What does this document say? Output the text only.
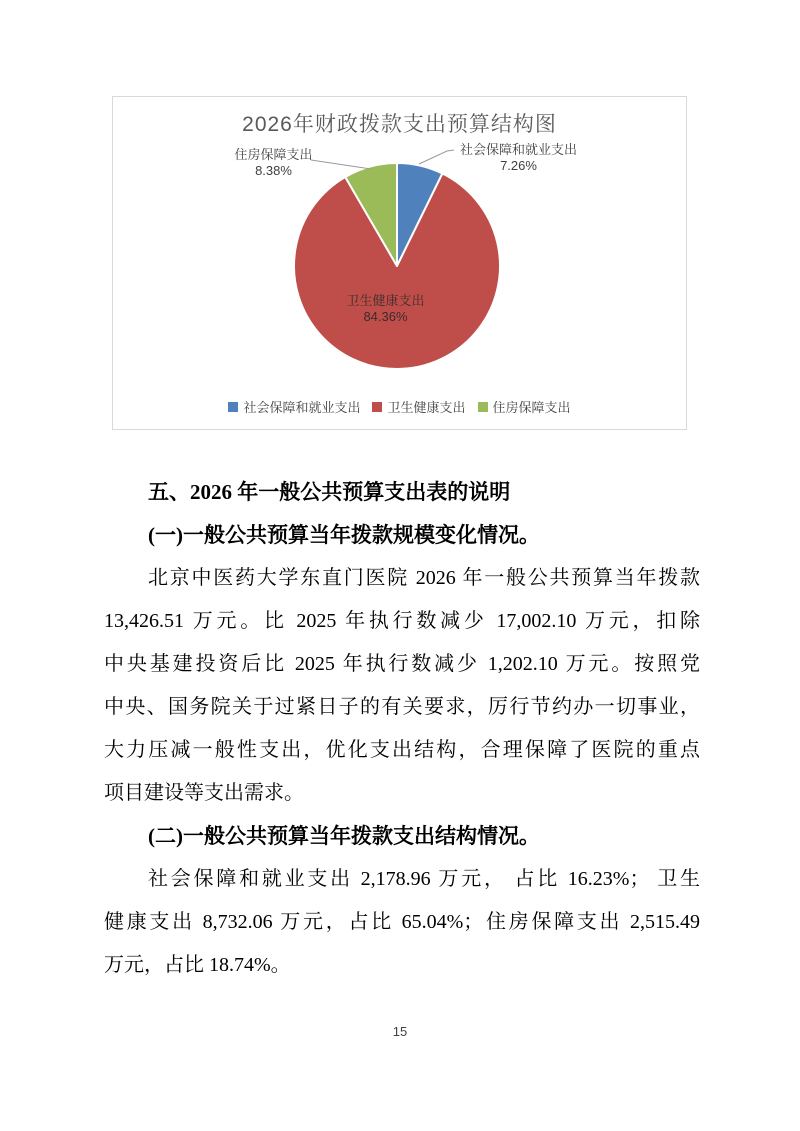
2026年财政拨款支出预算结构图
住房保障支出
8.38%
社会保障和就业支出
7.26%
卫生健康支出
84.36%
社会保障和就业支出 卫生健康支出 住房保障支出
五、2026 年一般公共预算支出表的说明
(一)一般公共预算当年拨款规模变化情况。
北京中医药大学东直门医院 2026 年一般公共预算当年拨款
13,426.51 万元。比 2025 年执行数减少 17,002.10 万元，扣除
中央基建投资后比 2025 年执行数减少 1,202.10 万元。按照党
中央、国务院关于过紧日子的有关要求，厉行节约办一切事业，
大力压减一般性支出，优化支出结构，合理保障了医院的重点
项目建设等支出需求。
(二)一般公共预算当年拨款支出结构情况。
社会保障和就业支出 2,178.96 万元， 占比 16.23%； 卫生
健康支出 8,732.06 万元，占比 65.04%；住房保障支出 2,515.49
万元，占比 18.74%。
15
